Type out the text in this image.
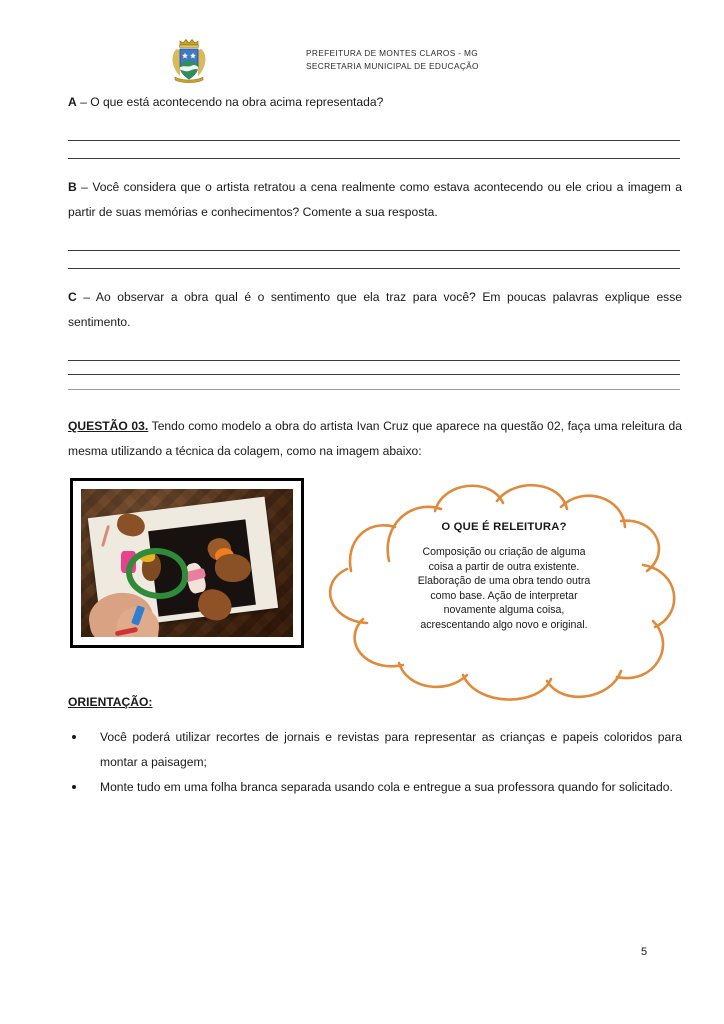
PREFEITURA DE MONTES CLAROS - MG
SECRETARIA MUNICIPAL DE EDUCAÇÃO
A – O que está acontecendo na obra acima representada?
B – Você considera que o artista retratou a cena realmente como estava acontecendo ou ele criou a imagem a partir de suas memórias e conhecimentos? Comente a sua resposta.
C – Ao observar a obra qual é o sentimento que ela traz para você? Em poucas palavras explique esse sentimento.
QUESTÃO 03. Tendo como modelo a obra do artista Ivan Cruz que aparece na questão 02, faça uma releitura da mesma utilizando a técnica da colagem, como na imagem abaixo:
O QUE É RELEITURA?
Composição ou criação de alguma
coisa a partir de outra existente.
Elaboração de uma obra tendo outra
como base. Ação de interpretar
novamente alguma coisa,
acrescentando algo novo e original.
ORIENTAÇÃO:
Você poderá utilizar recortes de jornais e revistas para representar as crianças e papeis coloridos para montar a paisagem;
Monte tudo em uma folha branca separada usando cola e entregue a sua professora quando for solicitado.
5
